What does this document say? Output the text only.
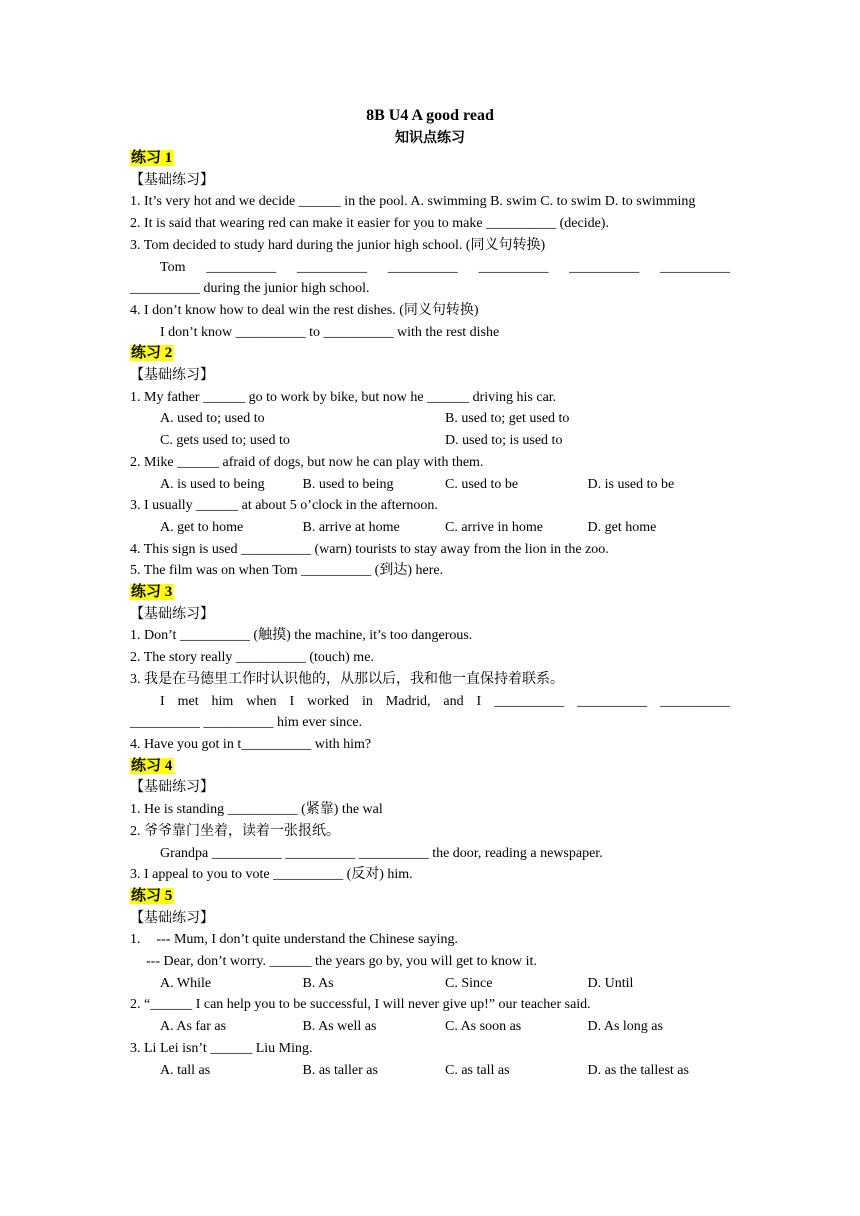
8B U4 A good read
知识点练习
练习 1
【基础练习】
1. It’s very hot and we decide ______ in the pool. A. swimming B. swim C. to swim D. to swimming
2. It is said that wearing red can make it easier for you to make __________ (decide).
3. Tom decided to study hard during the junior high school. (同义句转换)
Tom __________ __________ __________ __________ __________ __________
__________ during the junior high school.
4. I don’t know how to deal win the rest dishes. (同义句转换)
I don’t know __________ to __________ with the rest dishe
练习 2
【基础练习】
1. My father ______ go to work by bike, but now he ______ driving his car.
A. used to; used to	B. used to; get used to
C. gets used to; used to	D. used to; is used to
2. Mike ______ afraid of dogs, but now he can play with them.
A. is used to being	B. used to being	C. used to be	D. is used to be
3. I usually ______ at about 5 o’clock in the afternoon.
A. get to home	B. arrive at home	C. arrive in home	D. get home
4. This sign is used __________ (warn) tourists to stay away from the lion in the zoo.
5. The film was on when Tom __________ (到达) here.
练习 3
【基础练习】
1. Don’t __________ (触摸) the machine, it’s too dangerous.
2. The story really __________ (touch) me.
3. 我是在马德里工作时认识他的，从那以后，我和他一直保持着联系。
I met him when I worked in Madrid, and I __________ __________ __________
__________ __________ him ever since.
4. Have you got in t__________ with him?
练习 4
【基础练习】
1. He is standing __________ (紧靠) the wal
2. 爷爷靠门坐着，读着一张报纸。
Grandpa __________ __________ __________ the door, reading a newspaper.
3. I appeal to you to vote __________ (反对) him.
练习 5
【基础练习】
1. --- Mum, I don’t quite understand the Chinese saying.
--- Dear, don’t worry. ______ the years go by, you will get to know it.
A. While	B. As	C. Since	D. Until
2. “______ I can help you to be successful, I will never give up!” our teacher said.
A. As far as	B. As well as	C. As soon as	D. As long as
3. Li Lei isn’t ______ Liu Ming.
A. tall as	B. as taller as	C. as tall as	D. as the tallest as
